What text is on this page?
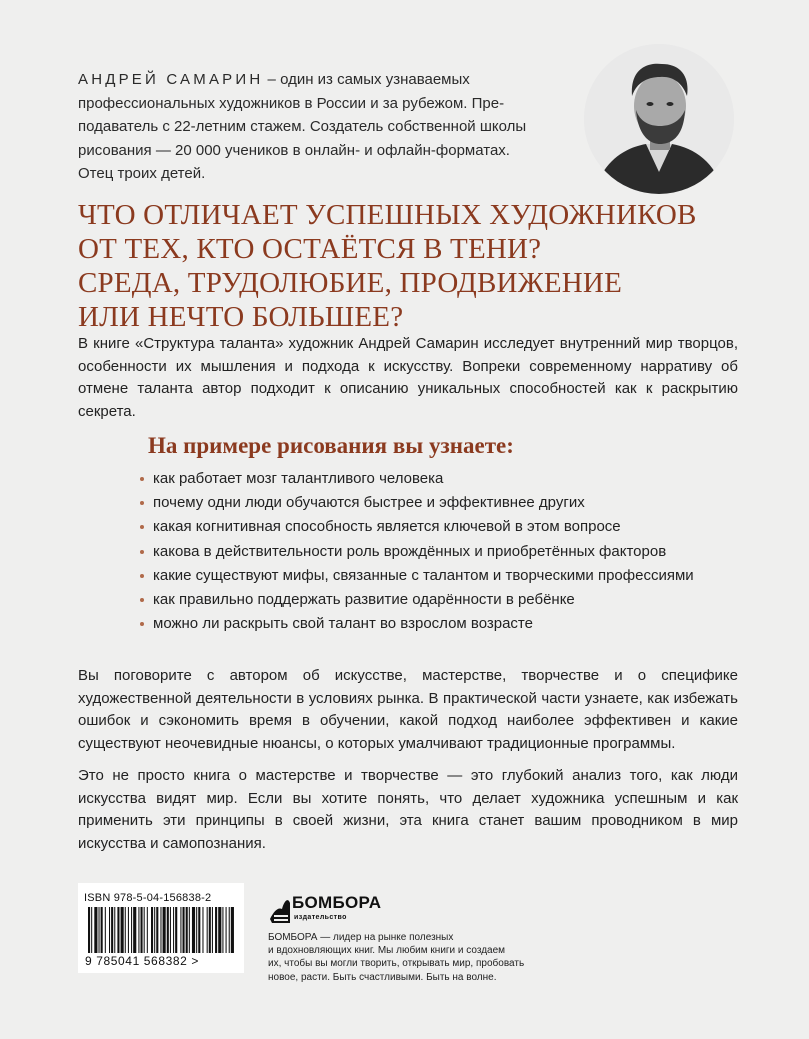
АНДРЕЙ САМАРИН – один из самых узнаваемых
профессиональных художников в России и за рубежом. Пре-
подаватель с 22-летним стажем. Создатель собственной школы
рисования — 20 000 учеников в онлайн- и офлайн-форматах.
Отец троих детей.
ЧТО ОТЛИЧАЕТ УСПЕШНЫХ ХУДОЖНИКОВ
ОТ ТЕХ, КТО ОСТАЁТСЯ В ТЕНИ?
СРЕДА, ТРУДОЛЮБИЕ, ПРОДВИЖЕНИЕ
ИЛИ НЕЧТО БОЛЬШЕЕ?

В книге «Структура таланта» художник Андрей Самарин исследует внутренний мир творцов, особенности их мышления и подхода к искусству. Вопреки современному нарративу об отмене таланта автор подходит к описанию уникальных способностей как к раскрытию секрета.

На примере рисования вы узнаете:
как работает мозг талантливого человека
почему одни люди обучаются быстрее и эффективнее других
какая когнитивная способность является ключевой в этом вопросе
какова в действительности роль врождённых и приобретённых факторов
какие существуют мифы, связанные с талантом и творческими профессиями
как правильно поддержать развитие одарённости в ребёнке
можно ли раскрыть свой талант во взрослом возрасте

Вы поговорите с автором об искусстве, мастерстве, творчестве и о специфике художественной деятельности в условиях рынка. В практической части узнаете, как избежать ошибок и сэкономить время в обучении, какой подход наиболее эффективен и какие существуют неочевидные нюансы, о которых умалчивают традиционные программы.

Это не просто книга о мастерстве и творчестве — это глубокий анализ того, как люди искусства видят мир. Если вы хотите понять, что делает художника успешным и как применить эти принципы в своей жизни, эта книга станет вашим проводником в мир искусства и самопознания.

ISBN 978-5-04-156838-2
9 785041 568382 >
БОМБОРА
издательство
БОМБОРА — лидер на рынке полезных
и вдохновляющих книг. Мы любим книги и создаем
их, чтобы вы могли творить, открывать мир, пробовать
новое, расти. Быть счастливыми. Быть на волне.
